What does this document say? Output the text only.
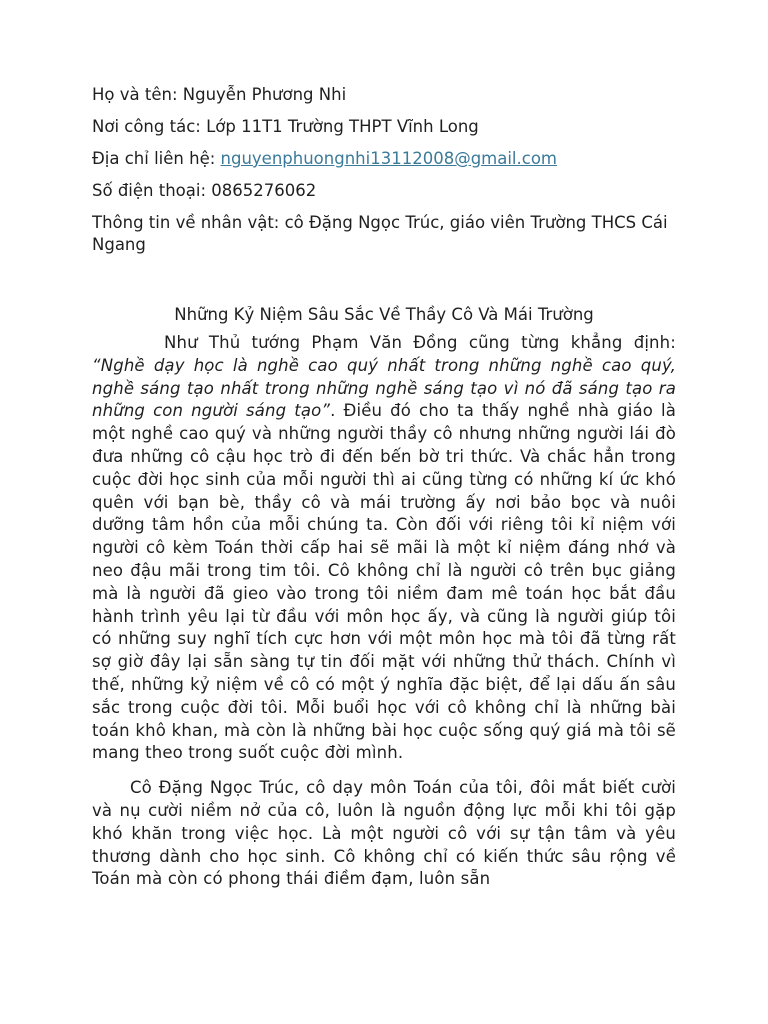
Họ và tên: Nguyễn Phương Nhi

Nơi công tác: Lớp 11T1 Trường THPT Vĩnh Long

Địa chỉ liên hệ: nguyenphuongnhi13112008@gmail.com

Số điện thoại: 0865276062

Thông tin về nhân vật: cô Đặng Ngọc Trúc, giáo viên Trường THCS Cái Ngang

Những Kỷ Niệm Sâu Sắc Về Thầy Cô Và Mái Trường

Như Thủ tướng Phạm Văn Đồng cũng từng khẳng định: “Nghề dạy học là nghề cao quý nhất trong những nghề cao quý, nghề sáng tạo nhất trong những nghề sáng tạo vì nó đã sáng tạo ra những con người sáng tạo”. Điều đó cho ta thấy nghề nhà giáo là một nghề cao quý và những người thầy cô nhưng những người lái đò đưa những cô cậu học trò đi đến bến bờ tri thức. Và chắc hẳn trong cuộc đời học sinh của mỗi người thì ai cũng từng có những kí ức khó quên với bạn bè, thầy cô và mái trường ấy nơi bảo bọc và nuôi dưỡng tâm hồn của mỗi chúng ta. Còn đối với riêng tôi kỉ niệm với người cô kèm Toán thời cấp hai sẽ mãi là một kỉ niệm đáng nhớ và neo đậu mãi trong tim tôi. Cô không chỉ là người cô trên bục giảng mà là người đã gieo vào trong tôi niềm đam mê toán học bắt đầu hành trình yêu lại từ đầu với môn học ấy, và cũng là người giúp tôi có những suy nghĩ tích cực hơn với một môn học mà tôi đã từng rất sợ giờ đây lại sẵn sàng tự tin đối mặt với những thử thách. Chính vì thế, những kỷ niệm về cô có một ý nghĩa đặc biệt, để lại dấu ấn sâu sắc trong cuộc đời tôi. Mỗi buổi học với cô không chỉ là những bài toán khô khan, mà còn là những bài học cuộc sống quý giá mà tôi sẽ mang theo trong suốt cuộc đời mình.

Cô Đặng Ngọc Trúc, cô dạy môn Toán của tôi, đôi mắt biết cười và nụ cười niềm nở của cô, luôn là nguồn động lực mỗi khi tôi gặp khó khăn trong việc học. Là một người cô với sự tận tâm và yêu thương dành cho học sinh. Cô không chỉ có kiến thức sâu rộng về Toán mà còn có phong thái điềm đạm, luôn sẵn
